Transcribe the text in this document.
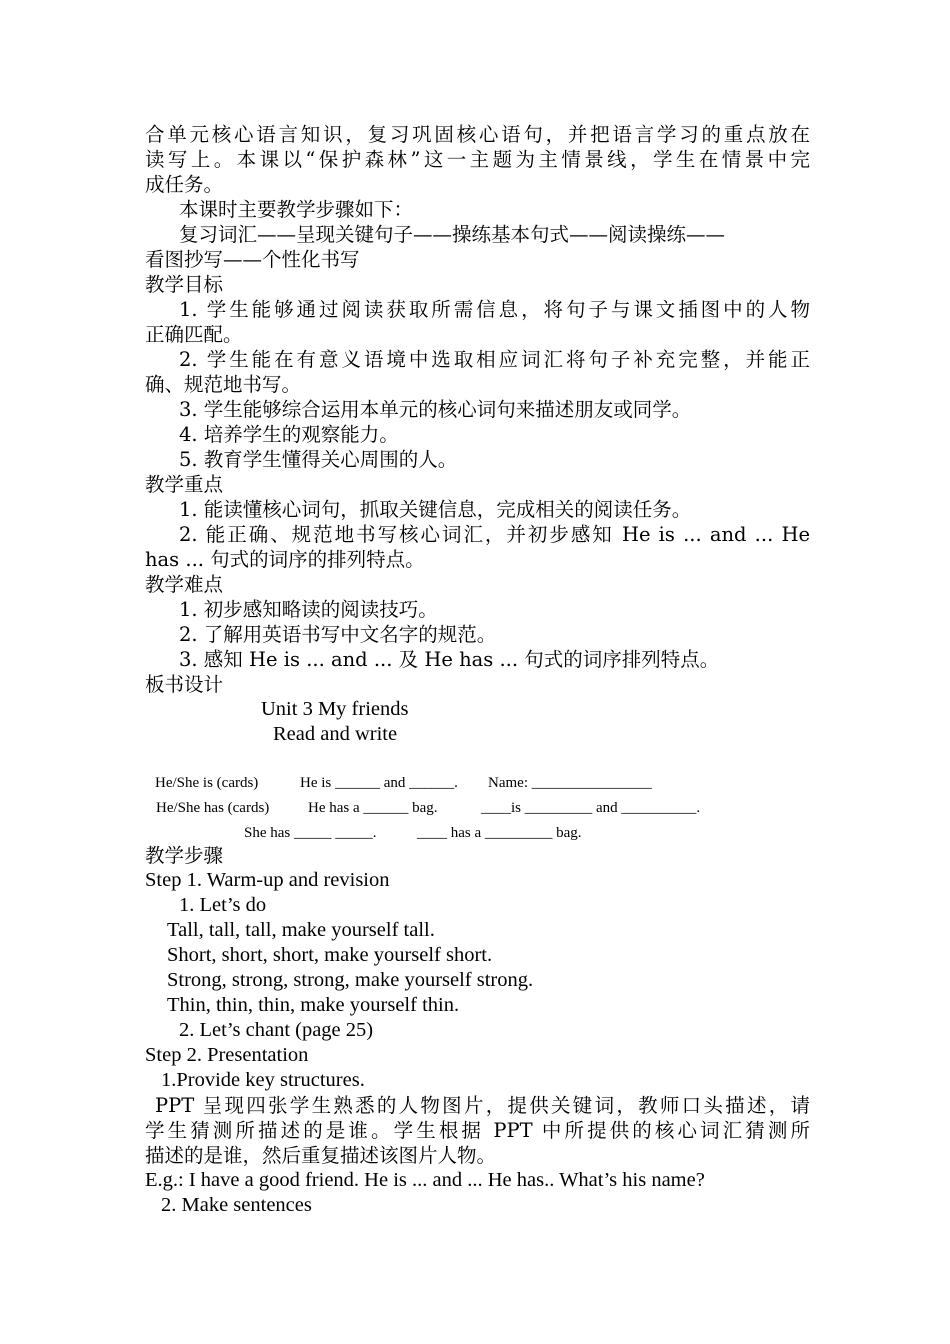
合单元核心语言知识，复习巩固核心语句，并把语言学习的重点放在
读写上。本课以“保护森林”这一主题为主情景线，学生在情景中完
成任务。
本课时主要教学步骤如下：
复习词汇——呈现关键句子——操练基本句式——阅读操练——
看图抄写——个性化书写
教学目标
1. 学生能够通过阅读获取所需信息，将句子与课文插图中的人物
正确匹配。
2. 学生能在有意义语境中选取相应词汇将句子补充完整，并能正
确、规范地书写。
3. 学生能够综合运用本单元的核心词句来描述朋友或同学。
4. 培养学生的观察能力。
5. 教育学生懂得关心周围的人。
教学重点
1. 能读懂核心词句，抓取关键信息，完成相关的阅读任务。
2. 能正确、规范地书写核心词汇，并初步感知 He is ... and ... He
has ... 句式的词序的排列特点。
教学难点
1. 初步感知略读的阅读技巧。
2. 了解用英语书写中文名字的规范。
3. 感知 He is ... and ... 及 He has ... 句式的词序排列特点。
板书设计
Unit 3 My friends
Read and write
He/She is (cards)	He is ______ and ______. Name: ________________
He/She has (cards)	He has a ______ bag.	____is _________ and __________.
She has _____ _____.	____ has a _________ bag.
教学步骤
Step 1. Warm-up and revision
1. Let’s do
Tall, tall, tall, make yourself tall.
Short, short, short, make yourself short.
Strong, strong, strong, make yourself strong.
Thin, thin, thin, make yourself thin.
2. Let’s chant (page 25)
Step 2. Presentation
1.Provide key structures.
PPT 呈现四张学生熟悉的人物图片，提供关键词，教师口头描述，请
学生猜测所描述的是谁。学生根据 PPT 中所提供的核心词汇猜测所
描述的是谁，然后重复描述该图片人物。
E.g.: I have a good friend. He is ... and ... He has.. What’s his name?
2. Make sentences
